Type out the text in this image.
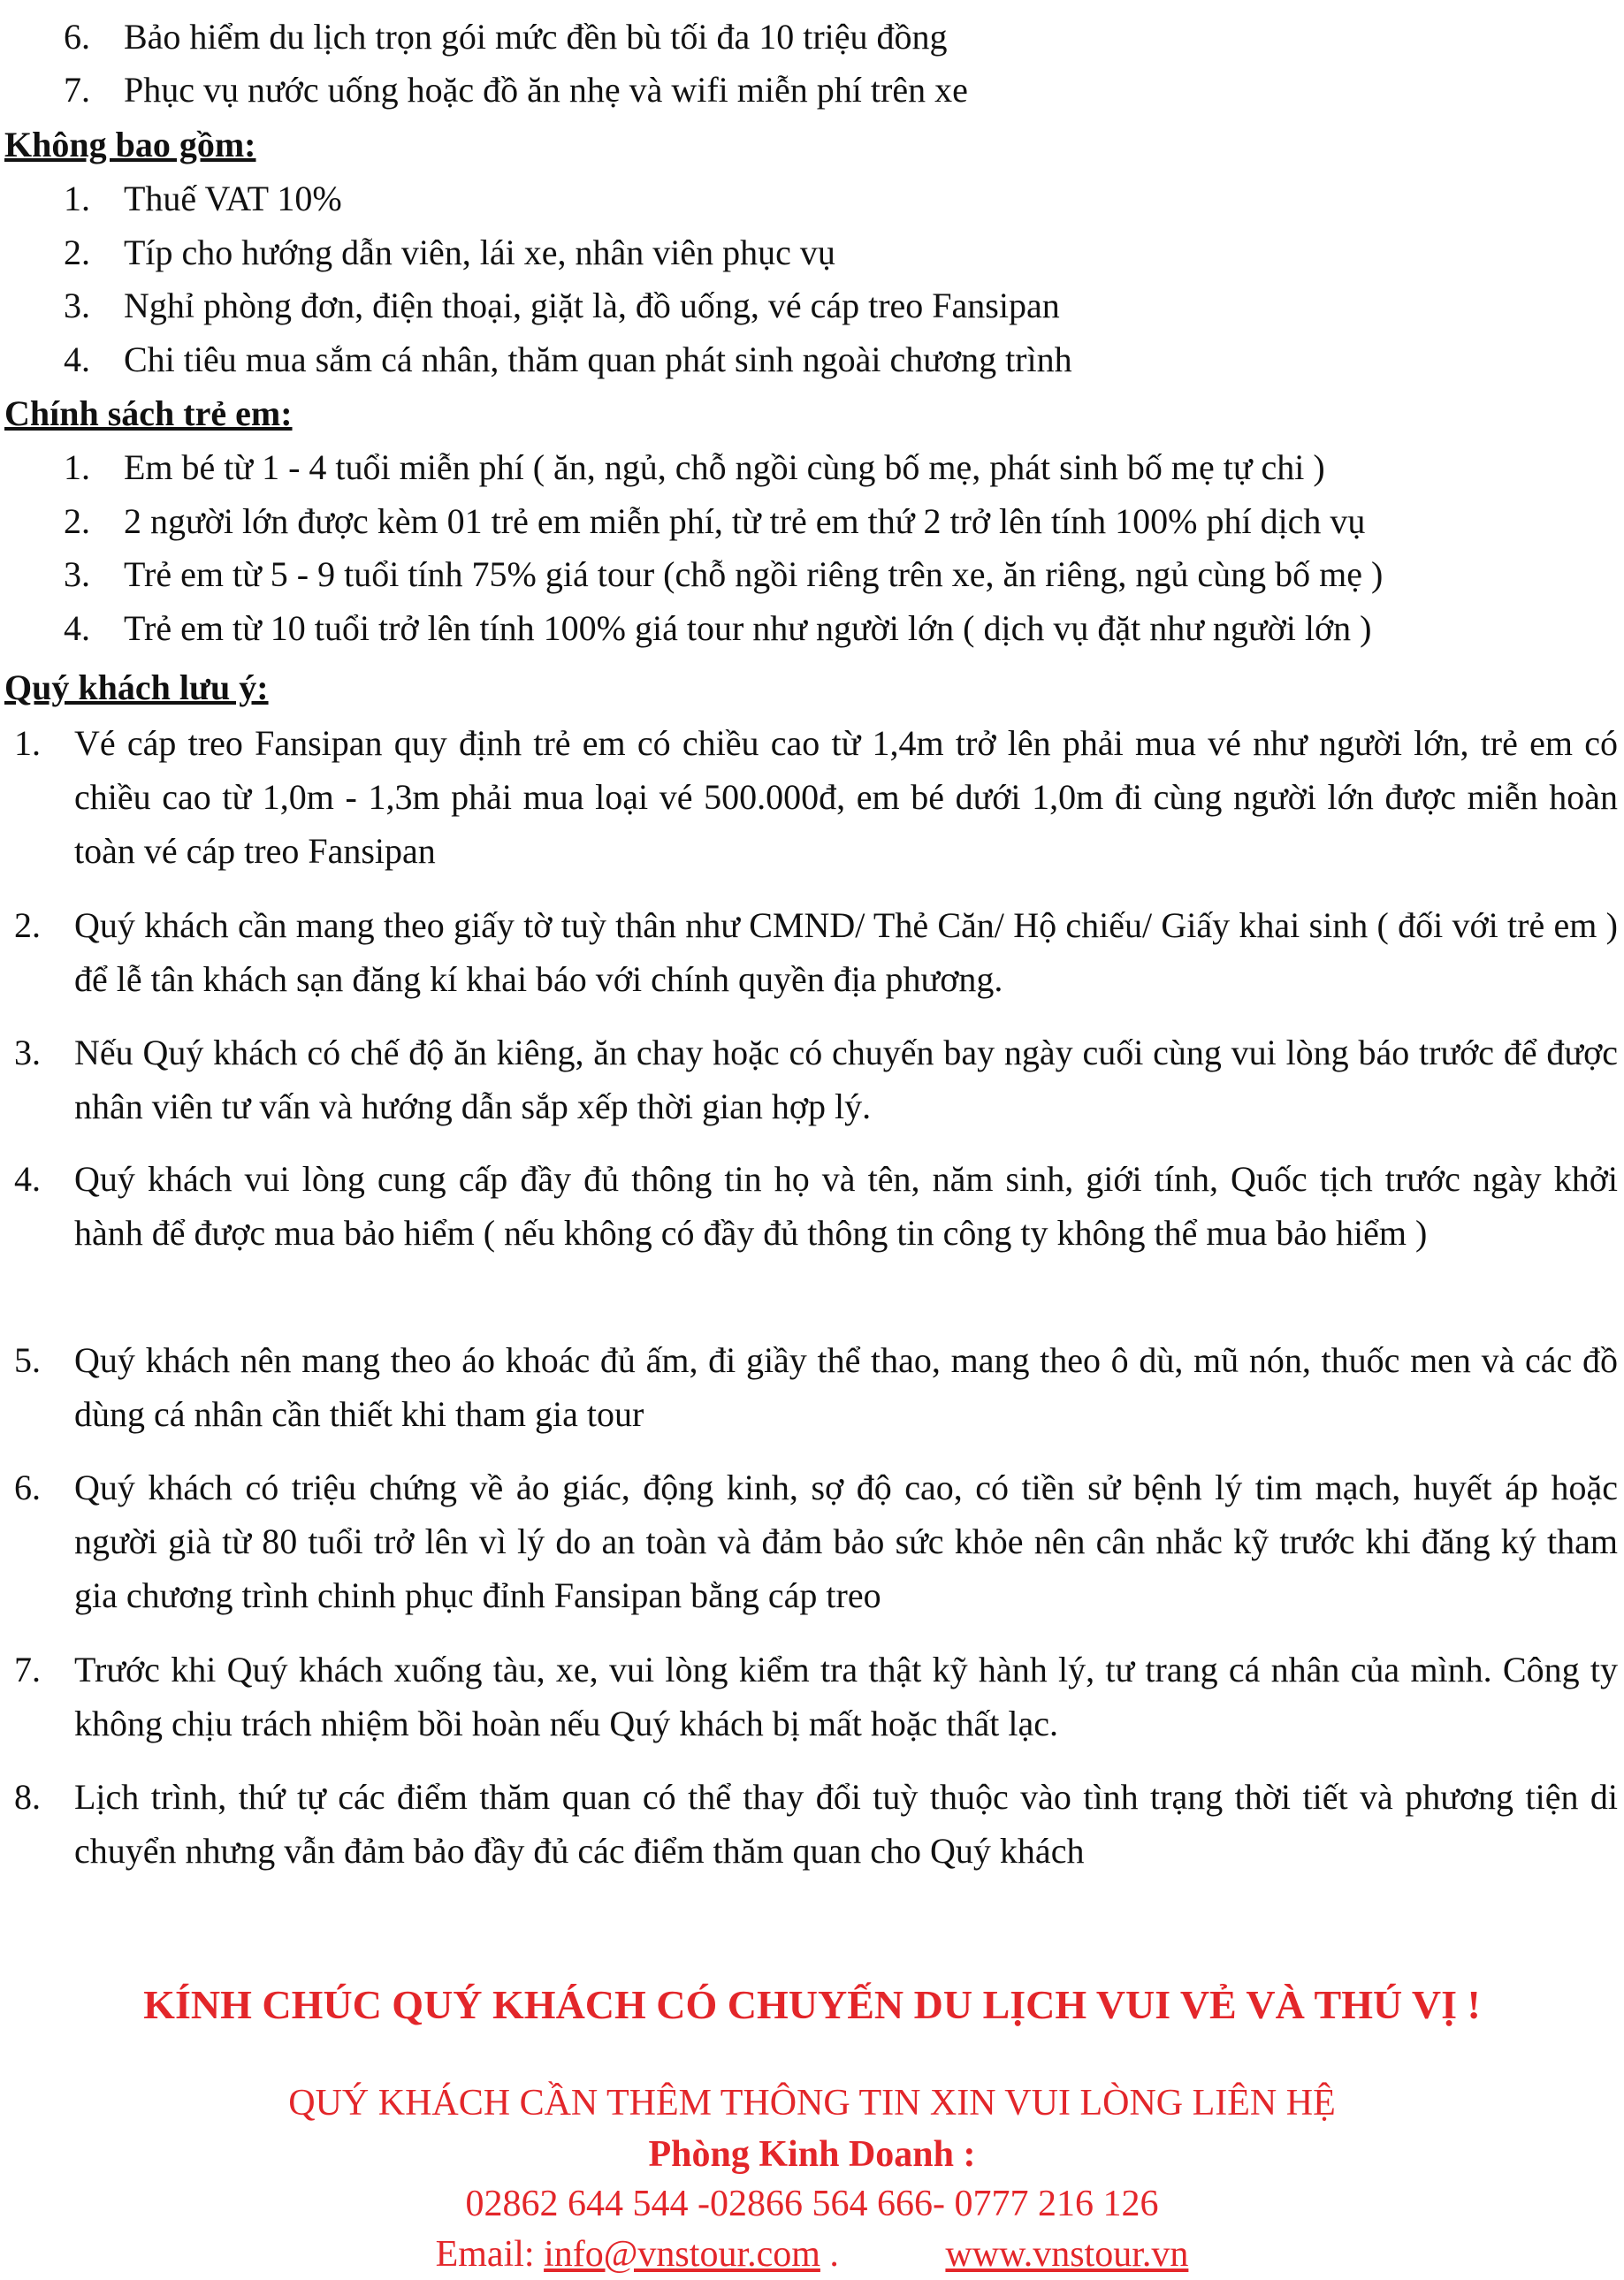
6. Bảo hiểm du lịch trọn gói mức đền bù tối đa 10 triệu đồng
7. Phục vụ nước uống hoặc đồ ăn nhẹ và wifi miễn phí trên xe
Không bao gồm:
1. Thuế VAT 10%
2. Típ cho hướng dẫn viên, lái xe, nhân viên phục vụ
3. Nghỉ phòng đơn, điện thoại, giặt là, đồ uống, vé cáp treo Fansipan
4. Chi tiêu mua sắm cá nhân, thăm quan phát sinh ngoài chương trình
Chính sách trẻ em:
1. Em bé từ 1 - 4 tuổi miễn phí ( ăn, ngủ, chỗ ngồi cùng bố mẹ, phát sinh bố mẹ tự chi )
2. 2 người lớn được kèm 01 trẻ em miễn phí, từ trẻ em thứ 2 trở lên tính 100% phí dịch vụ
3. Trẻ em từ 5 - 9 tuổi tính 75% giá tour (chỗ ngồi riêng trên xe, ăn riêng, ngủ cùng bố mẹ )
4. Trẻ em từ 10 tuổi trở lên tính 100% giá tour như người lớn ( dịch vụ đặt như người lớn )
Quý khách lưu ý:
1. Vé cáp treo Fansipan quy định trẻ em có chiều cao từ 1,4m trở lên phải mua vé như người lớn, trẻ em có chiều cao từ 1,0m - 1,3m phải mua loại vé 500.000đ, em bé dưới 1,0m đi cùng người lớn được miễn hoàn toàn vé cáp treo Fansipan
2. Quý khách cần mang theo giấy tờ tuỳ thân như CMND/ Thẻ Căn/ Hộ chiếu/ Giấy khai sinh ( đối với trẻ em ) để lễ tân khách sạn đăng kí khai báo với chính quyền địa phương.
3. Nếu Quý khách có chế độ ăn kiêng, ăn chay hoặc có chuyến bay ngày cuối cùng vui lòng báo trước để được nhân viên tư vấn và hướng dẫn sắp xếp thời gian hợp lý.
4. Quý khách vui lòng cung cấp đầy đủ thông tin họ và tên, năm sinh, giới tính, Quốc tịch trước ngày khởi hành để được mua bảo hiểm ( nếu không có đầy đủ thông tin công ty không thể mua bảo hiểm )
5. Quý khách nên mang theo áo khoác đủ ấm, đi giầy thể thao, mang theo ô dù, mũ nón, thuốc men và các đồ dùng cá nhân cần thiết khi tham gia tour
6. Quý khách có triệu chứng về ảo giác, động kinh, sợ độ cao, có tiền sử bệnh lý tim mạch, huyết áp hoặc người già từ 80 tuổi trở lên vì lý do an toàn và đảm bảo sức khỏe nên cân nhắc kỹ trước khi đăng ký tham gia chương trình chinh phục đỉnh Fansipan bằng cáp treo
7. Trước khi Quý khách xuống tàu, xe, vui lòng kiểm tra thật kỹ hành lý, tư trang cá nhân của mình. Công ty không chịu trách nhiệm bồi hoàn nếu Quý khách bị mất hoặc thất lạc.
8. Lịch trình, thứ tự các điểm thăm quan có thể thay đổi tuỳ thuộc vào tình trạng thời tiết và phương tiện di chuyển nhưng vẫn đảm bảo đầy đủ các điểm thăm quan cho Quý khách
KÍNH CHÚC QUÝ KHÁCH CÓ CHUYẾN DU LỊCH VUI VẺ VÀ THÚ VỊ !
QUÝ KHÁCH CẦN THÊM THÔNG TIN XIN VUI LÒNG LIÊN HỆ
Phòng Kinh Doanh :
02862 644 544 -02866 564 666- 0777 216 126
Email: info@vnstour.com .	www.vnstour.vn
